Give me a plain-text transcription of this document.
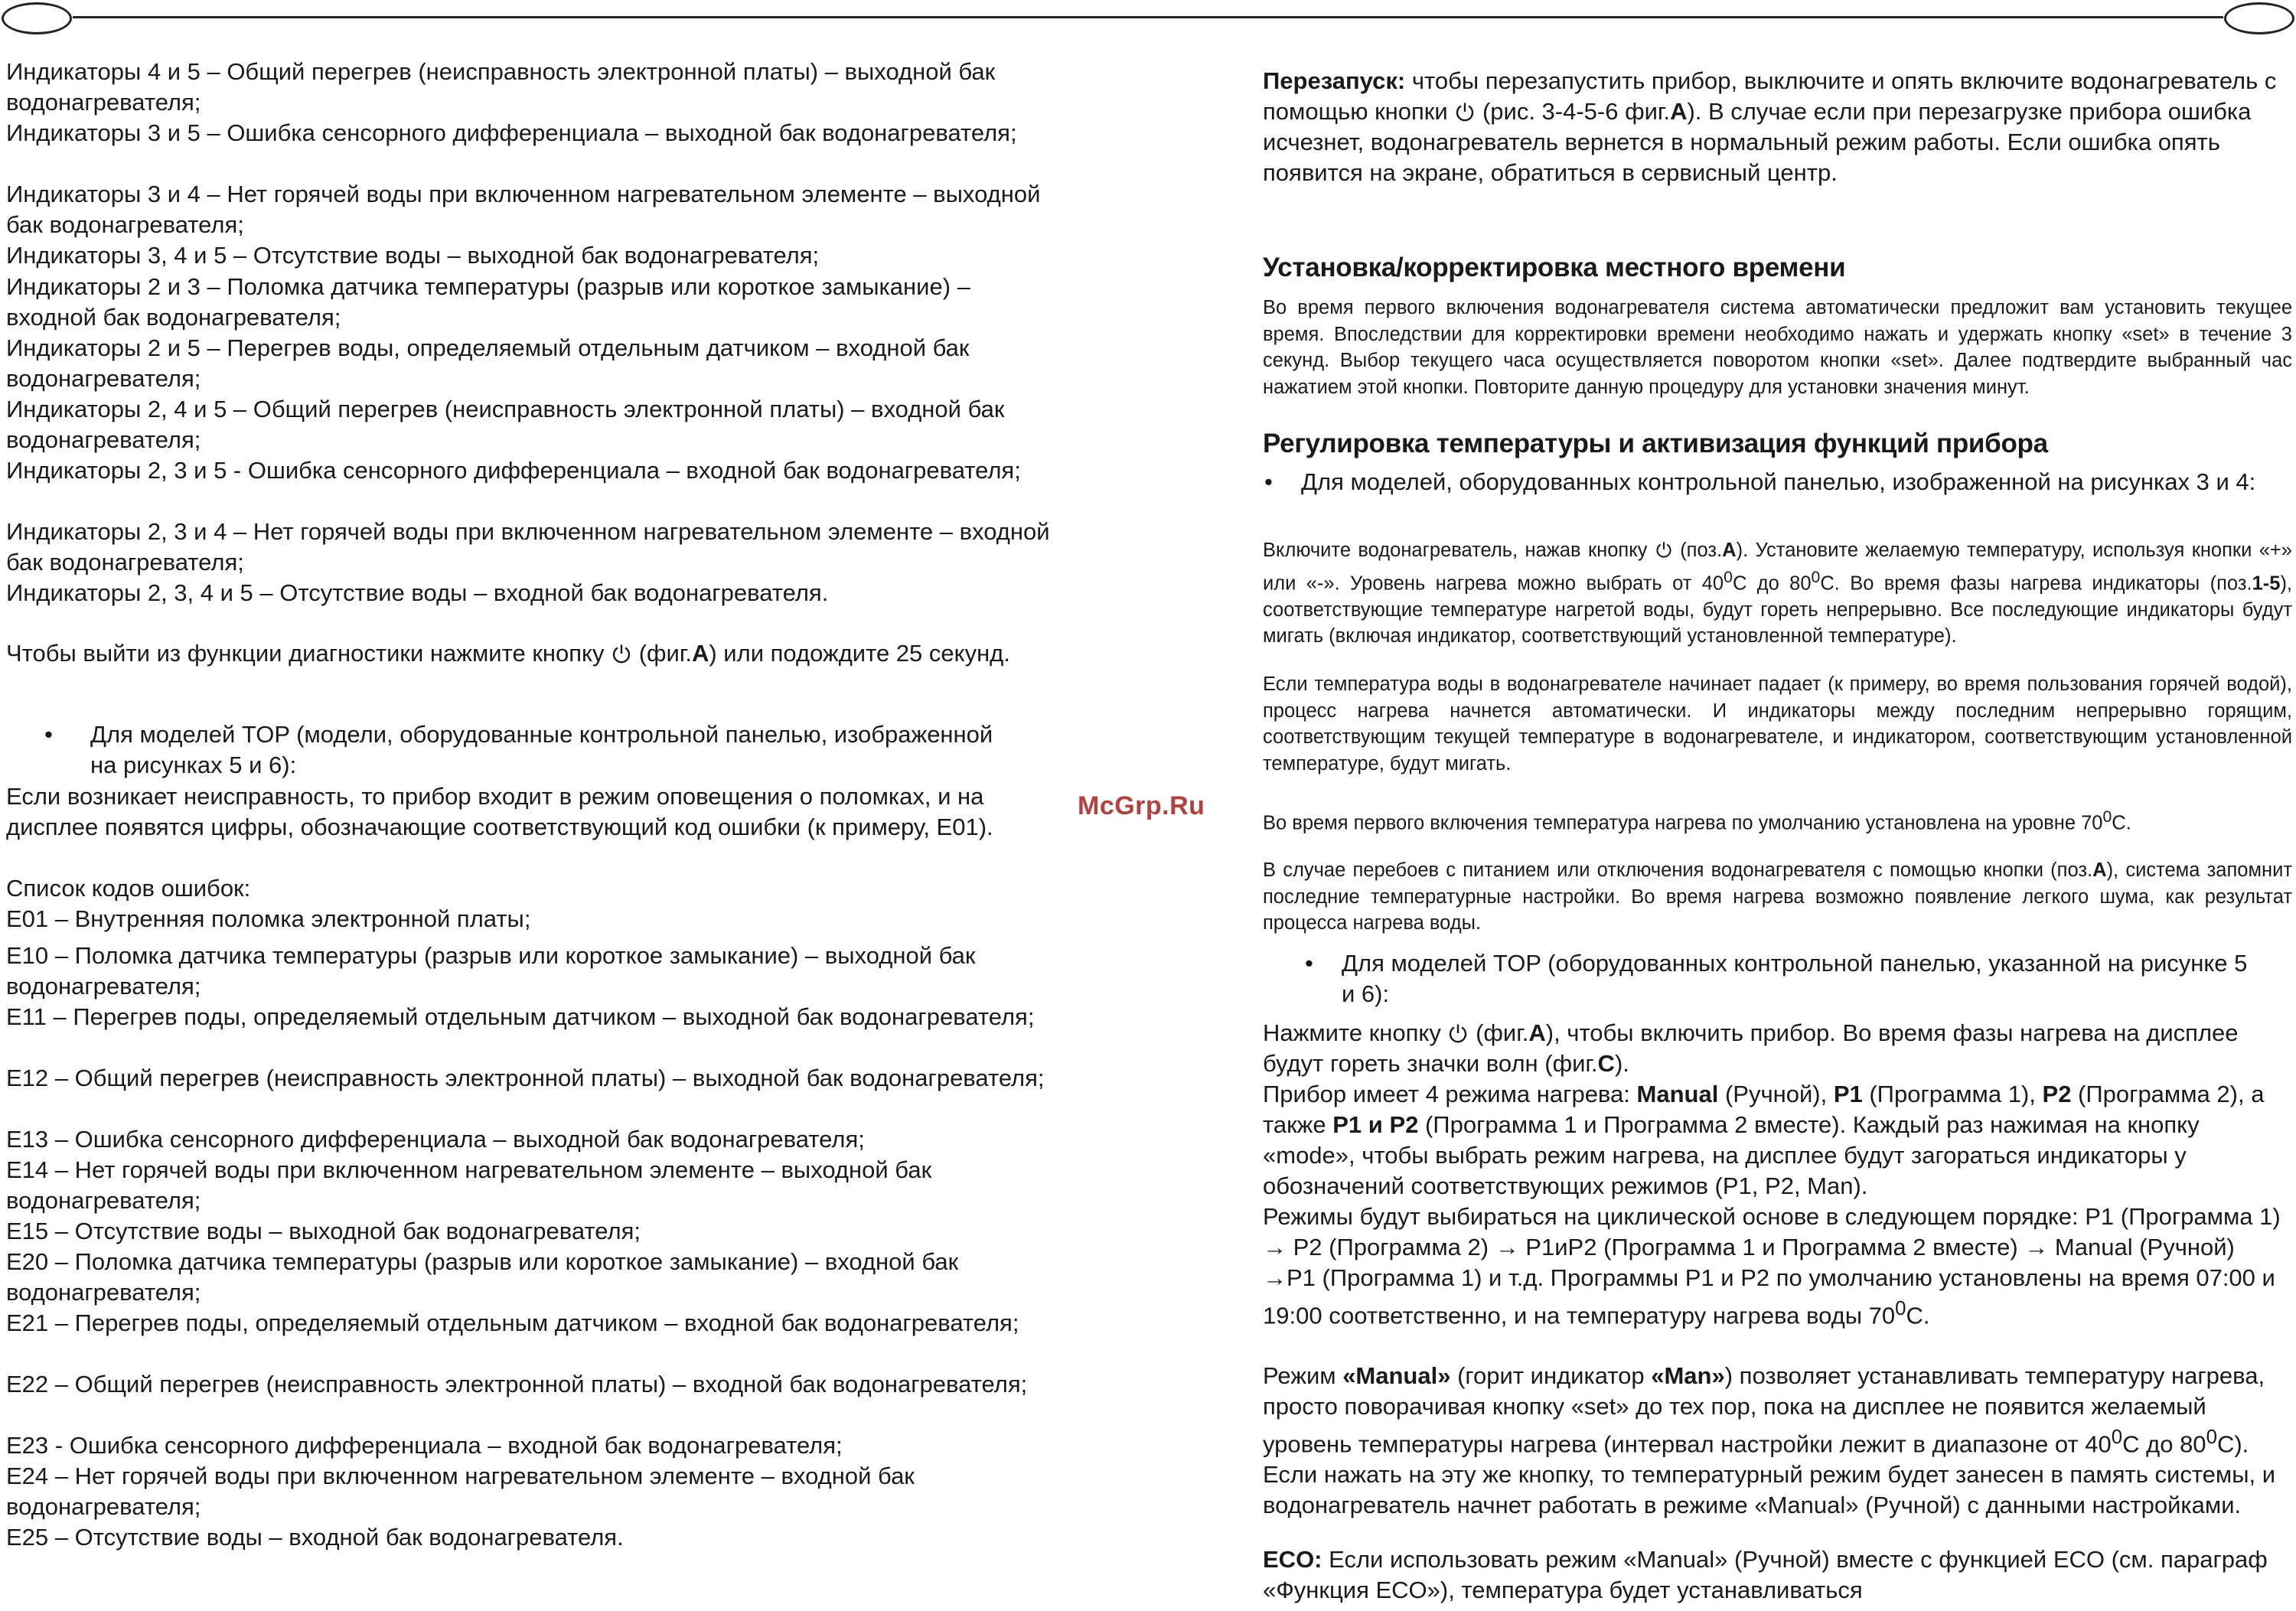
McGrp.Ru

Индикаторы 4 и 5 – Общий перегрев (неисправность электронной платы) – выходной бак водонагревателя;

Индикаторы 3 и 5 – Ошибка сенсорного дифференциала – выходной бак водонагревателя;

Индикаторы 3 и 4 – Нет горячей воды при включенном нагревательном элементе – выходной бак водонагревателя;

Индикаторы 3, 4 и 5 – Отсутствие воды – выходной бак водонагревателя;

Индикаторы 2 и 3 – Поломка датчика температуры (разрыв или короткое замыкание) – входной бак водонагревателя;

Индикаторы 2 и 5 – Перегрев воды, определяемый отдельным датчиком – входной бак водонагревателя;

Индикаторы 2, 4 и 5 – Общий перегрев (неисправность электронной платы) – входной бак водонагревателя;

Индикаторы 2, 3 и 5 - Ошибка сенсорного дифференциала – входной бак водонагревателя;

Индикаторы 2, 3 и 4 – Нет горячей воды при включенном нагревательном элементе – входной бак водонагревателя;

Индикаторы 2, 3, 4 и 5 – Отсутствие воды – входной бак водонагревателя.

Чтобы выйти из функции диагностики нажмите кнопку (фиг.А) или подождите 25 секунд.

• Для моделей TOP (модели, оборудованные контрольной панелью, изображенной на рисунках 5 и 6):

Если возникает неисправность, то прибор входит в режим оповещения о поломках, и на дисплее появятся цифры, обозначающие соответствующий код ошибки (к примеру, Е01).

Список кодов ошибок:

Е01 – Внутренняя поломка электронной платы;

Е10 – Поломка датчика температуры (разрыв или короткое замыкание) – выходной бак водонагревателя;

Е11 – Перегрев поды, определяемый отдельным датчиком – выходной бак водонагревателя;

Е12 – Общий перегрев (неисправность электронной платы) – выходной бак водонагревателя;

Е13 – Ошибка сенсорного дифференциала – выходной бак водонагревателя;

Е14 – Нет горячей воды при включенном нагревательном элементе – выходной бак водонагревателя;

Е15 – Отсутствие воды – выходной бак водонагревателя;

Е20 – Поломка датчика температуры (разрыв или короткое замыкание) – входной бак водонагревателя;

Е21 – Перегрев поды, определяемый отдельным датчиком – входной бак водонагревателя;

Е22 – Общий перегрев (неисправность электронной платы) – входной бак водонагревателя;

Е23 - Ошибка сенсорного дифференциала – входной бак водонагревателя;

Е24 – Нет горячей воды при включенном нагревательном элементе – входной бак водонагревателя;

Е25 – Отсутствие воды – входной бак водонагревателя.

Перезапуск: чтобы перезапустить прибор, выключите и опять включите водонагреватель с помощью кнопки  (рис. 3-4-5-6 фиг.А). В случае если при перезагрузке прибора ошибка исчезнет, водонагреватель вернется в нормальный режим работы. Если ошибка опять появится на экране, обратиться в сервисный центр.

Установка/корректировка местного времени

Во время первого включения водонагревателя система автоматически предложит вам установить текущее время. Впоследствии для корректировки времени необходимо нажать и удержать кнопку «set» в течение 3 секунд. Выбор текущего часа осуществляется поворотом кнопки «set». Далее подтвердите выбранный час нажатием этой кнопки. Повторите данную процедуру для установки значения минут.

Регулировка температуры и активизация функций прибора
• Для моделей, оборудованных контрольной панелью, изображенной на рисунках 3 и 4:

Включите водонагреватель, нажав кнопку  (поз.А). Установите желаемую температуру, используя кнопки «+» или «-». Уровень нагрева можно выбрать от $40^0С$ до $80^0С$. Во время фазы нагрева индикаторы (поз.1-5), соответствующие температуре нагретой воды, будут гореть непрерывно. Все последующие индикаторы будут мигать (включая индикатор, соответствующий установленной температуре).

Если температура воды в водонагревателе начинает падает (к примеру, во время пользования горячей водой), процесс нагрева начнется автоматически. И индикаторы между последним непрерывно горящим, соответствующим текущей температуре в водонагревателе, и индикатором, соответствующим установленной температуре, будут мигать.

Во время первого включения температура нагрева по умолчанию установлена на уровне $70^0С$.

В случае перебоев с питанием или отключения водонагревателя с помощью кнопки (поз.А), система запомнит последние температурные настройки. Во время нагрева возможно появление легкого шума, как результат процесса нагрева воды.

• Для моделей TOP (оборудованных контрольной панелью, указанной на рисунке 5 и 6):

Нажмите кнопку  (фиг.А), чтобы включить прибор. Во время фазы нагрева на дисплее будут гореть значки волн (фиг.С).

Прибор имеет 4 режима нагрева: Manual (Ручной), P1 (Программа 1), P2 (Программа 2), а также P1 и P2 (Программа 1 и Программа 2 вместе). Каждый раз нажимая на кнопку «mode», чтобы выбрать режим нагрева, на дисплее будут загораться индикаторы у обозначений соответствующих режимов (P1, P2, Man).

Режимы будут выбираться на циклической основе в следующем порядке: P1 (Программа 1) → P2 (Программа 2) → P1иP2 (Программа 1 и Программа 2 вместе) → Manual (Ручной) →P1 (Программа 1) и т.д. Программы P1 и P2 по умолчанию установлены на время 07:00 и 19:00 соответственно, и на температуру нагрева воды $70^0С$.

Режим «Manual» (горит индикатор «Man») позволяет устанавливать температуру нагрева, просто поворачивая кнопку «set» до тех пор, пока на дисплее не появится желаемый уровень температуры нагрева (интервал настройки лежит в диапазоне от $40^0С$ до $80^0С$). Если нажать на эту же кнопку, то температурный режим будет занесен в память системы, и водонагреватель начнет работать в режиме «Manual» (Ручной) с данными настройками.

ECO: Если использовать режим «Manual» (Ручной) вместе с функцией ECO (см. параграф «Функция ECO»), температура будет устанавливаться
